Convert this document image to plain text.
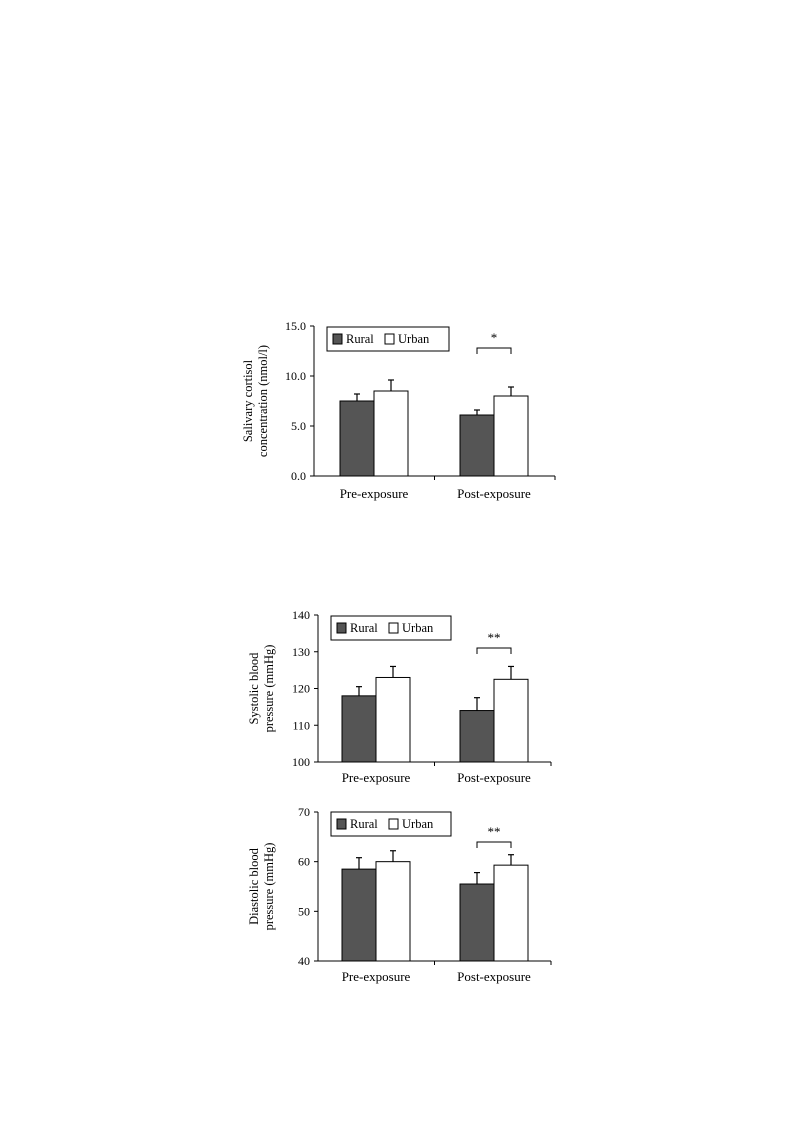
0.0
5.0
10.0
15.0
Pre-exposure	Post-exposure
*
Rural Urban
Salivary cortisol concentration (nmol/l)
100
110
120
130
140
Pre-exposure	Post-exposure
**
Rural Urban
Systolic blood pressure (mmHg)
40
50
60
70
Pre-exposure	Post-exposure
**
Rural Urban
Diastolic blood pressure (mmHg)
